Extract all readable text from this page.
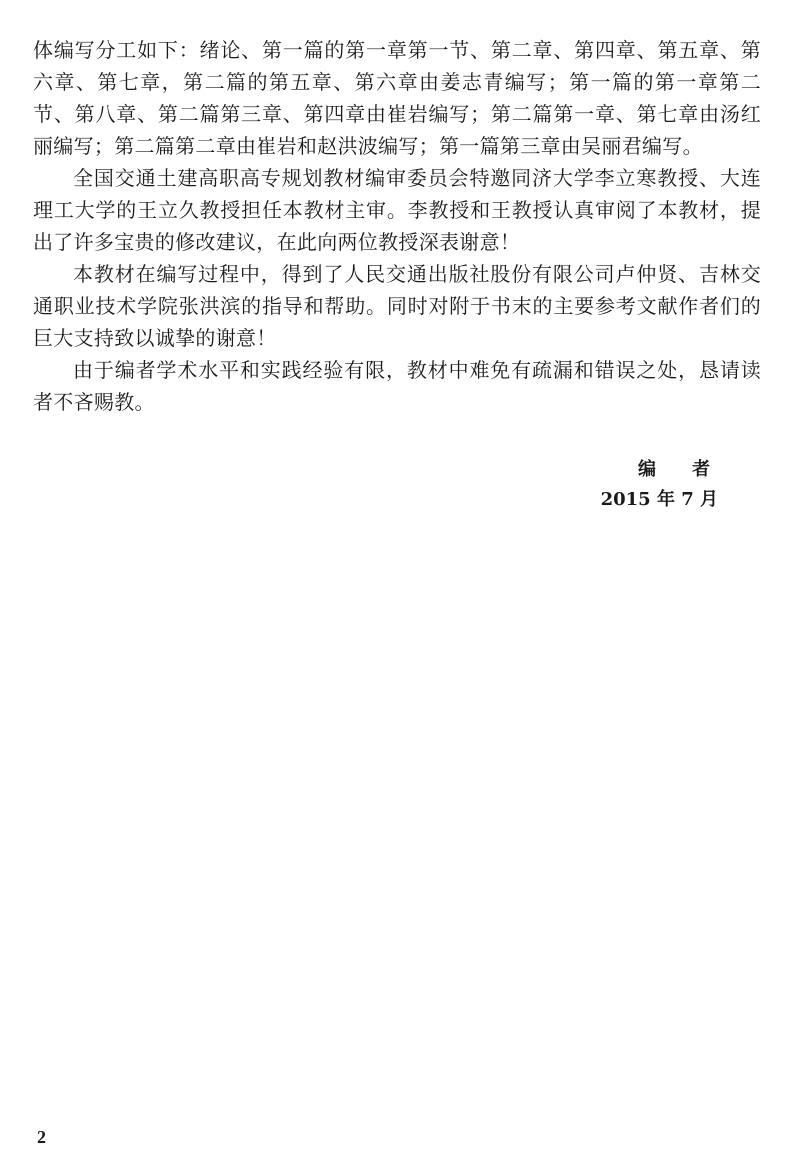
体编写分工如下：绪论、第一篇的第一章第一节、第二章、第四章、第五章、第六章、第七章，第二篇的第五章、第六章由姜志青编写；第一篇的第一章第二节、第八章、第二篇第三章、第四章由崔岩编写；第二篇第一章、第七章由汤红丽编写；第二篇第二章由崔岩和赵洪波编写；第一篇第三章由吴丽君编写。

全国交通土建高职高专规划教材编审委员会特邀同济大学李立寒教授、大连理工大学的王立久教授担任本教材主审。李教授和王教授认真审阅了本教材，提出了许多宝贵的修改建议，在此向两位教授深表谢意！

本教材在编写过程中，得到了人民交通出版社股份有限公司卢仲贤、吉林交通职业技术学院张洪滨的指导和帮助。同时对附于书末的主要参考文献作者们的巨大支持致以诚挚的谢意！

由于编者学术水平和实践经验有限，教材中难免有疏漏和错误之处，恳请读者不吝赐教。

编　　者
2015 年 7 月
2
